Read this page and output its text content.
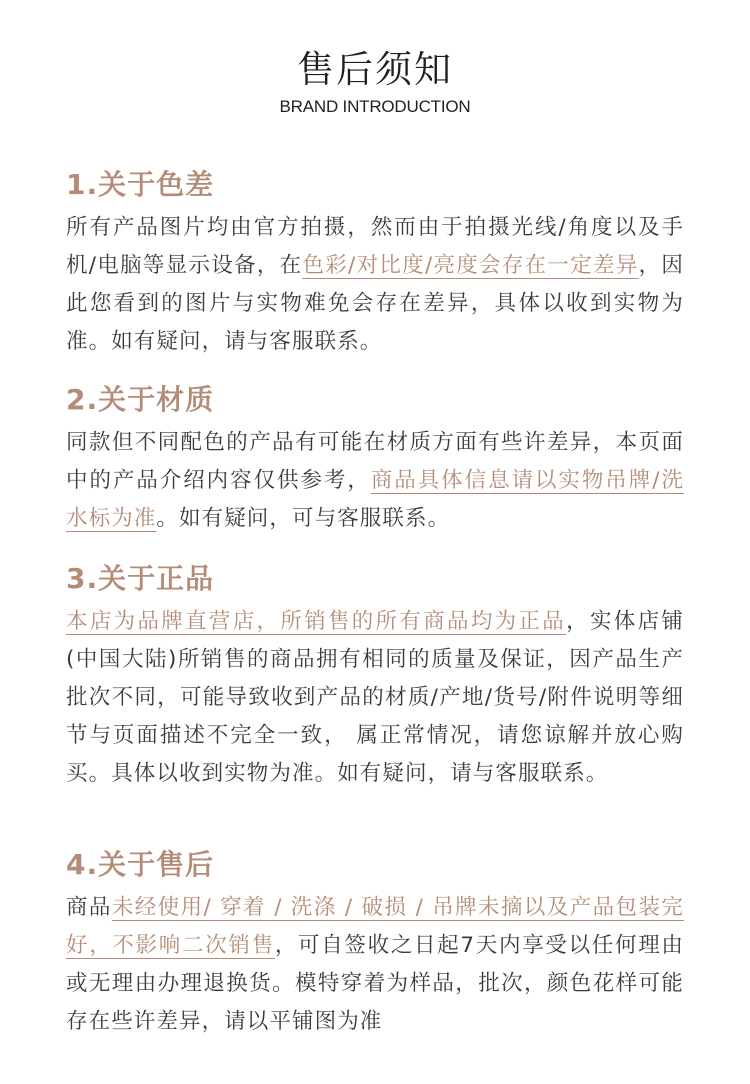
售后须知
BRAND INTRODUCTION
1.关于色差

所有产品图片均由官方拍摄，然而由于拍摄光线/角度以及手机/电脑等显示设备，在色彩/对比度/亮度会存在一定差异，因此您看到的图片与实物难免会存在差异，具体以收到实物为准。如有疑问，请与客服联系。

2.关于材质

同款但不同配色的产品有可能在材质方面有些许差异，本页面中的产品介绍内容仅供参考，商品具体信息请以实物吊牌/洗水标为准。如有疑问，可与客服联系。

3.关于正品

本店为品牌直营店，所销售的所有商品均为正品，实体店铺(中国大陆)所销售的商品拥有相同的质量及保证，因产品生产批次不同，可能导致收到产品的材质/产地/货号/附件说明等细节与页面描述不完全一致， 属正常情况，请您谅解并放心购买。具体以收到实物为准。如有疑问，请与客服联系。

4.关于售后

商品未经使用/ 穿着 / 洗涤 / 破损 / 吊牌未摘以及产品包装完好，不影响二次销售，可自签收之日起7天内享受以任何理由或无理由办理退换货。模特穿着为样品，批次，颜色花样可能存在些许差异，请以平铺图为准
